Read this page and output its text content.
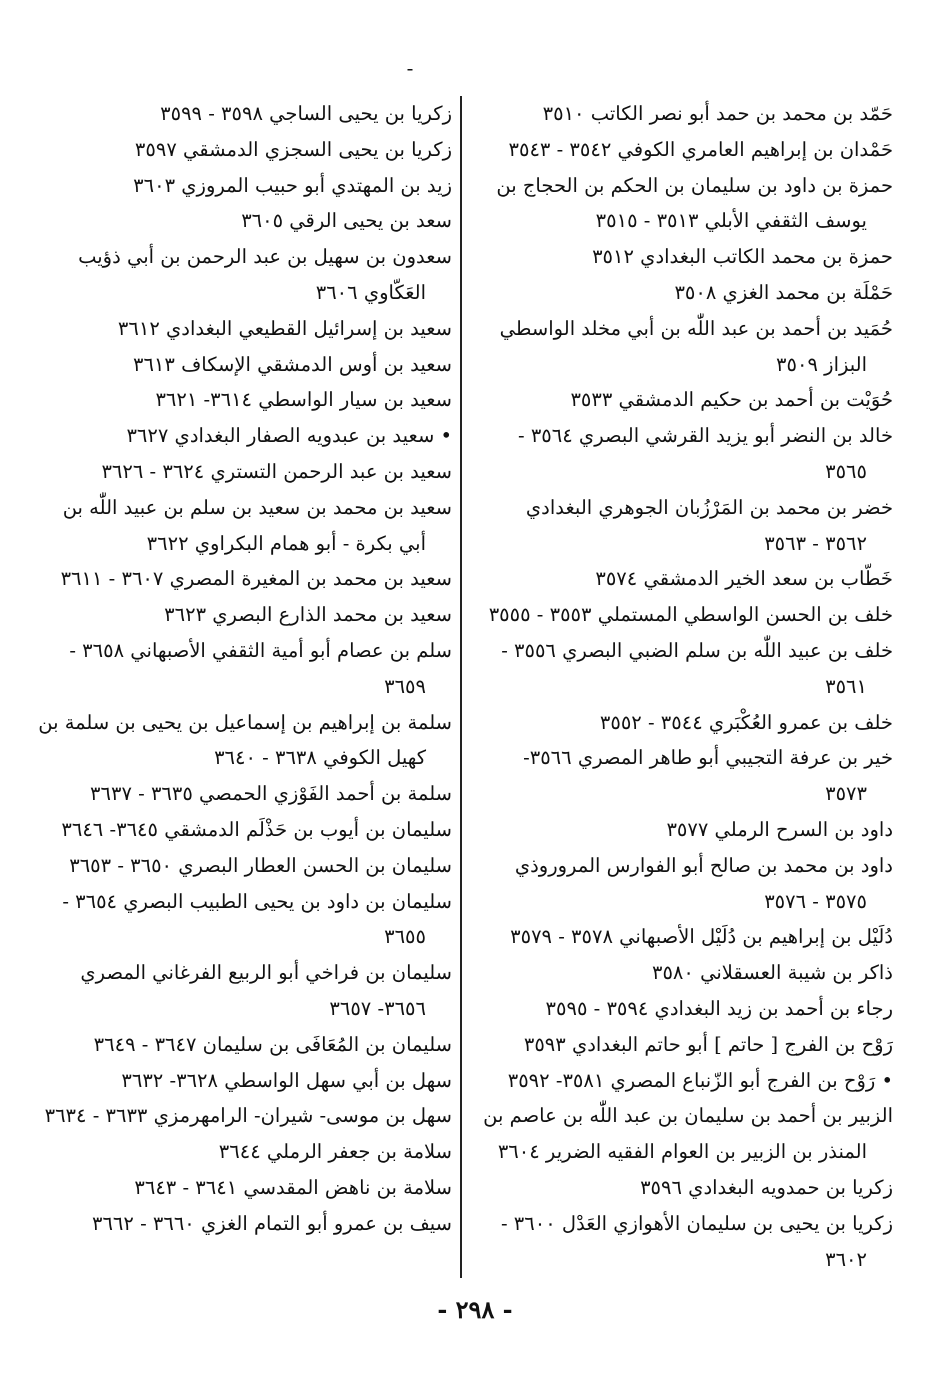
-

حَمّد بن محمد بن حمد أبو نصر الكاتب ٣٥١٠

حَمْدان بن إبراهيم العامري الكوفي ٣٥٤٢ - ٣٥٤٣

حمزة بن داود بن سليمان بن الحكم بن الحجاج بن يوسف الثقفي الأبلي ٣٥١٣ - ٣٥١٥

حمزة بن محمد الكاتب البغدادي ٣٥١٢

حَمْلَة بن محمد الغزي ٣٥٠٨

حُمَيد بن أحمد بن عبد اللّٰه بن أبي مخلد الواسطي البزاز ٣٥٠٩

حُوَيْت بن أحمد بن حكيم الدمشقي ٣٥٣٣

خالد بن النضر أبو يزيد القرشي البصري ٣٥٦٤ - ٣٥٦٥

خضر بن محمد بن المَرْزُبان الجوهري البغدادي ٣٥٦٢ - ٣٥٦٣

خَطّاب بن سعد الخير الدمشقي ٣٥٧٤

خلف بن الحسن الواسطي المستملي ٣٥٥٣ - ٣٥٥٥

خلف بن عبيد اللّٰه بن سلم الضبي البصري ٣٥٥٦ - ٣٥٦١

خلف بن عمرو العُكْبَري ٣٥٤٤ - ٣٥٥٢

خير بن عرفة التجيبي أبو طاهر المصري ٣٥٦٦- ٣٥٧٣

داود بن السرح الرملي ٣٥٧٧

داود بن محمد بن صالح أبو الفوارس المروروذي ٣٥٧٥ - ٣٥٧٦

دُلَيْل بن إبراهيم بن دُلَيْل الأصبهاني ٣٥٧٨ - ٣٥٧٩

ذاكر بن شيبة العسقلاني ٣٥٨٠

رجاء بن أحمد بن زيد البغدادي ٣٥٩٤ - ٣٥٩٥

رَوْح بن الفرج [ حاتم ] أبو حاتم البغدادي ٣٥٩٣

• رَوْح بن الفرج أبو الزّنباع المصري ٣٥٨١- ٣٥٩٢

الزبير بن أحمد بن سليمان بن عبد اللّٰه بن عاصم بن المنذر بن الزبير بن العوام الفقيه الضرير ٣٦٠٤

زكريا بن حمدويه البغدادي ٣٥٩٦

زكريا بن يحيى بن سليمان الأهوازي العَدْل ٣٦٠٠ - ٣٦٠٢

زكريا بن يحيى الساجي ٣٥٩٨ - ٣٥٩٩

زكريا بن يحيى السجزي الدمشقي ٣٥٩٧

زيد بن المهتدي أبو حبيب المروزي ٣٦٠٣

سعد بن يحيى الرقي ٣٦٠٥

سعدون بن سهيل بن عبد الرحمن بن أبي ذؤيب العَكّاوي ٣٦٠٦

سعيد بن إسرائيل القطيعي البغدادي ٣٦١٢

سعيد بن أوس الدمشقي الإسكاف ٣٦١٣

سعيد بن سيار الواسطي ٣٦١٤- ٣٦٢١

• سعيد بن عبدويه الصفار البغدادي ٣٦٢٧

سعيد بن عبد الرحمن التستري ٣٦٢٤ - ٣٦٢٦

سعيد بن محمد بن سعيد بن سلم بن عبيد اللّٰه بن أبي بكرة - أبو همام البكراوي ٣٦٢٢

سعيد بن محمد بن المغيرة المصري ٣٦٠٧ - ٣٦١١

سعيد بن محمد الذارع البصري ٣٦٢٣

سلم بن عصام أبو أمية الثقفي الأصبهاني ٣٦٥٨ - ٣٦٥٩

سلمة بن إبراهيم بن إسماعيل بن يحيى بن سلمة بن كهيل الكوفي ٣٦٣٨ - ٣٦٤٠

سلمة بن أحمد الفَوْزي الحمصي ٣٦٣٥ - ٣٦٣٧

سليمان بن أيوب بن حَذْلَم الدمشقي ٣٦٤٥- ٣٦٤٦

سليمان بن الحسن العطار البصري ٣٦٥٠ - ٣٦٥٣

سليمان بن داود بن يحيى الطبيب البصري ٣٦٥٤ - ٣٦٥٥

سليمان بن فراخي أبو الربيع الفرغاني المصري ٣٦٥٦- ٣٦٥٧

سليمان بن المُعَافَى بن سليمان ٣٦٤٧ - ٣٦٤٩

سهل بن أبي سهل الواسطي ٣٦٢٨- ٣٦٣٢

سهل بن موسى- شيران- الرامهرمزي ٣٦٣٣ - ٣٦٣٤

سلامة بن جعفر الرملي ٣٦٤٤

سلامة بن ناهض المقدسي ٣٦٤١ - ٣٦٤٣

سيف بن عمرو أبو التمام الغزي ٣٦٦٠ - ٣٦٦٢

- ٢٩٨ -
